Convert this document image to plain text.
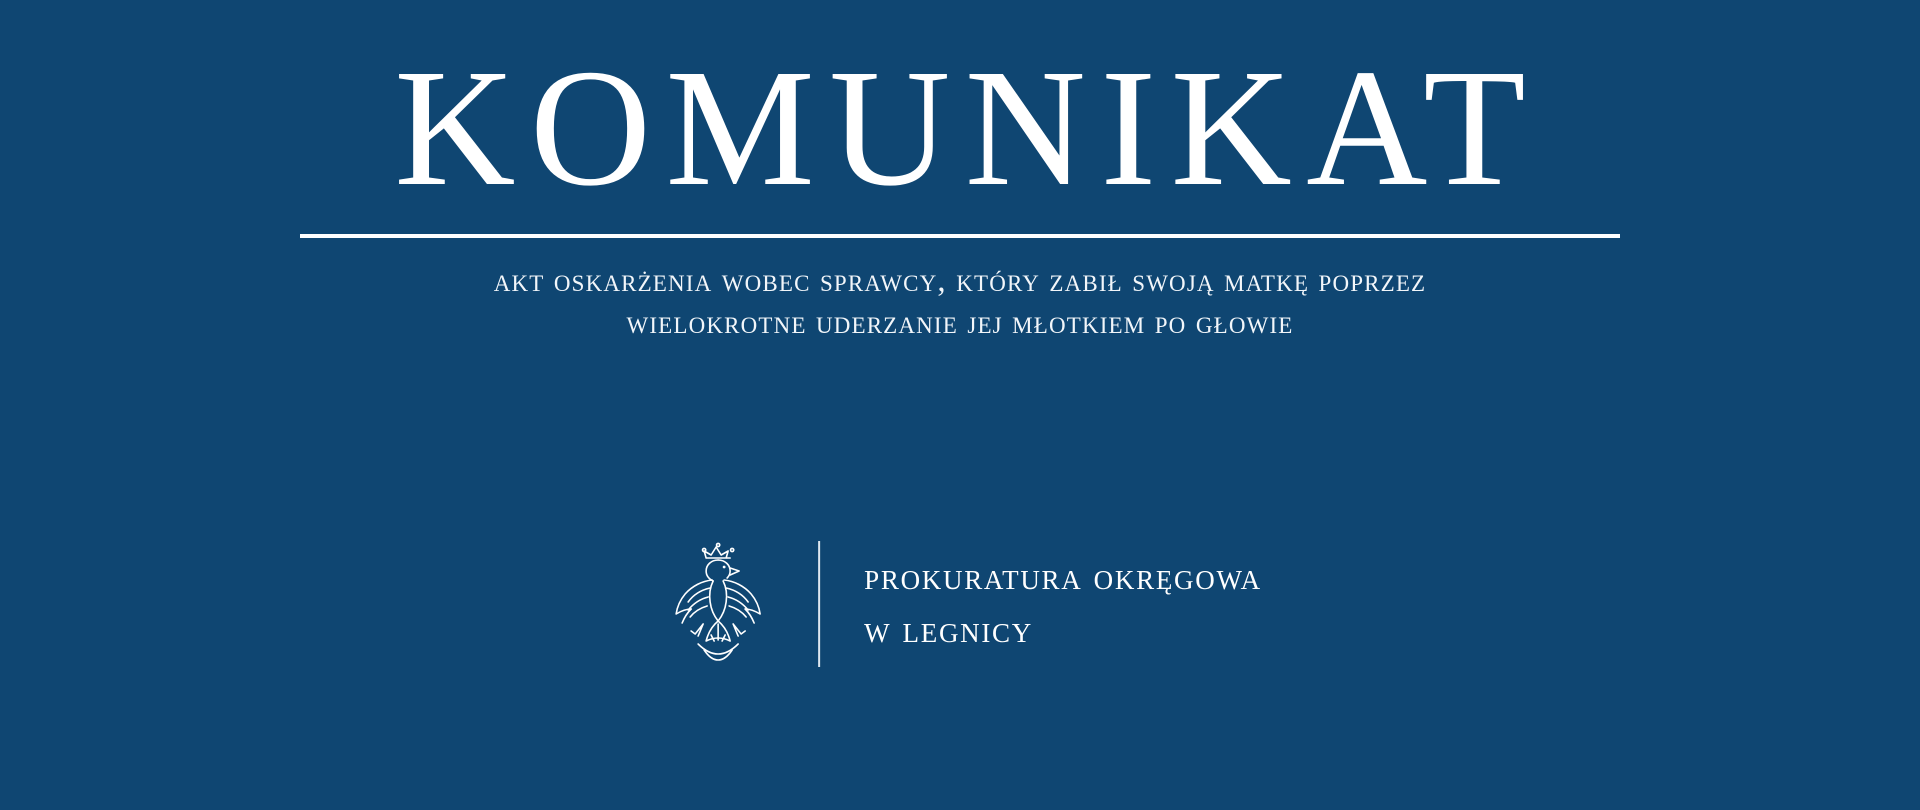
KOMUNIKAT
akt oskarżenia wobec sprawcy, który zabił swoją matkę poprzez
wielokrotne uderzanie jej młotkiem po głowie
prokuratura okręgowa
w legnicy
